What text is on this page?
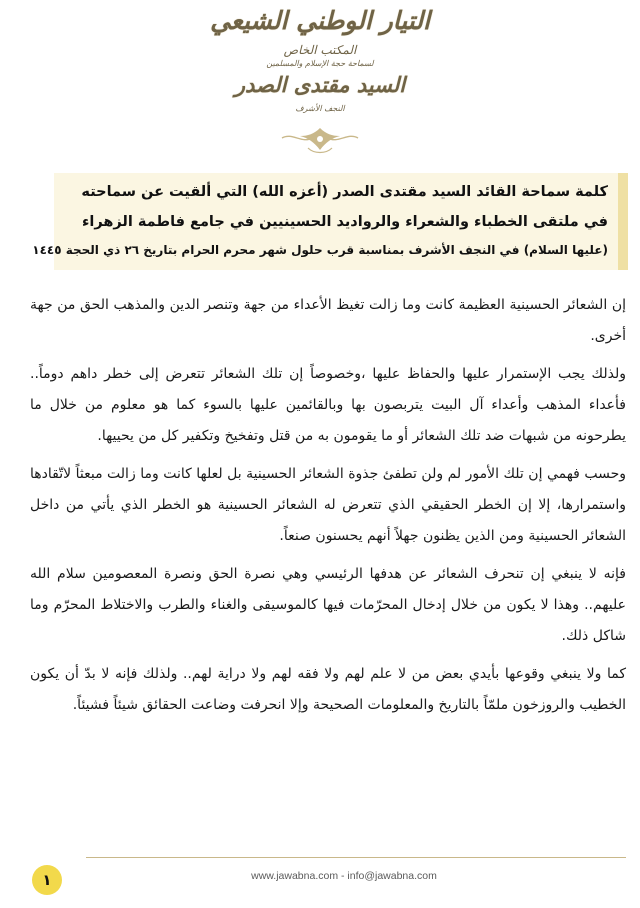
التيار الوطني الشيعي
المكتب الخاص
لسماحة حجة الإسلام والمسلمين
السيد مقتدى الصدر
النجف الأشرف
كلمة سماحة القائد السيد مقتدى الصدر (أعزه الله) التي ألقيت عن سماحته
في ملتقى الخطباء والشعراء والرواديد الحسينيين في جامع فاطمة الزهراء
(عليها السلام) في النجف الأشرف بمناسبة قرب حلول شهر محرم الحرام بتاريخ ٢٦ ذي الحجة ١٤٤٥

إن الشعائر الحسينية العظيمة كانت وما زالت تغيظ الأعداء من جهة وتنصر الدين والمذهب الحق من جهة أخرى.

ولذلك يجب الإستمرار عليها والحفاظ عليها ،وخصوصاً إن تلك الشعائر تتعرض إلى خطر داهم دوماً.. فأعداء المذهب وأعداء آل البيت يتربصون بها وبالقائمين عليها بالسوء كما هو معلوم من خلال ما يطرحونه من شبهات ضد تلك الشعائر أو ما يقومون به من قتل وتفخيخ وتكفير كل من يحييها.

وحسب فهمي إن تلك الأمور لم ولن تطفئ جذوة الشعائر الحسينية بل لعلها كانت وما زالت مبعثاً لاتّقادها واستمرارها، إلا إن الخطر الحقيقي الذي تتعرض له الشعائر الحسينية هو الخطر الذي يأتي من داخل الشعائر الحسينية ومن الذين يظنون جهلاً أنهم يحسنون صنعاً.

فإنه لا ينبغي إن تنحرف الشعائر عن هدفها الرئيسي وهي نصرة الحق ونصرة المعصومين سلام الله عليهم.. وهذا لا يكون من خلال إدخال المحرّمات فيها كالموسيقى والغناء والطرب والاختلاط المحرّم وما شاكل ذلك.

كما ولا ينبغي وقوعها بأيدي بعض من لا علم لهم ولا فقه لهم ولا دراية لهم.. ولذلك فإنه لا بدّ أن يكون الخطيب والروزخون ملمّاً بالتاريخ والمعلومات الصحيحة وإلا انحرفت وضاعت الحقائق شيئاً فشيئاً.

www.jawabna.com - info@jawabna.com
١
